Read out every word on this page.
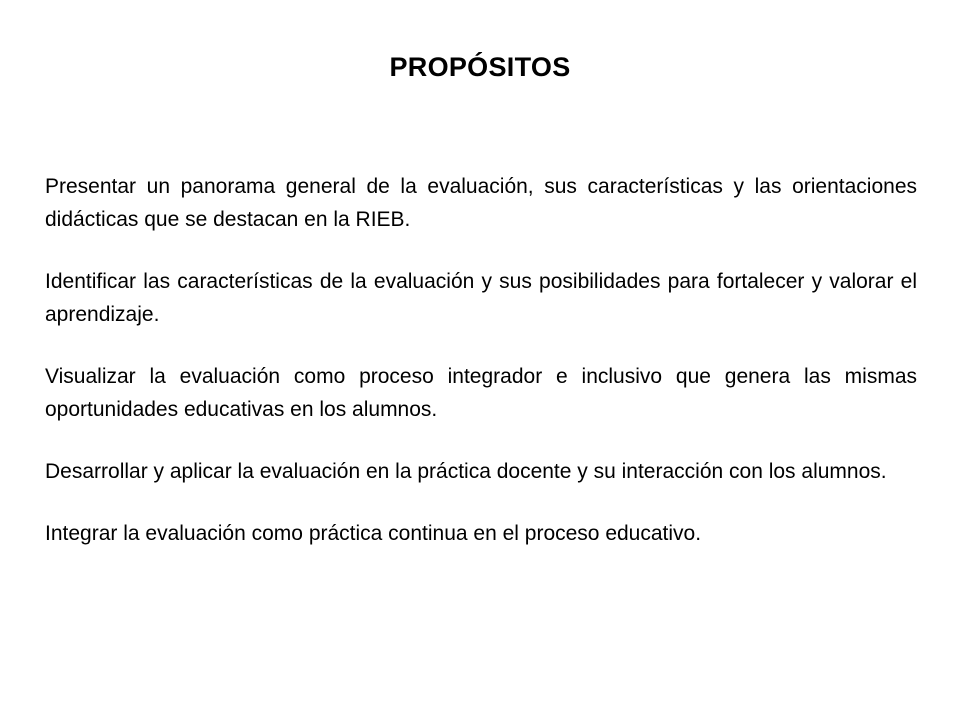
PROPÓSITOS

Presentar un panorama general de la evaluación, sus características y las orientaciones didácticas que se destacan en la RIEB.

Identificar las características de la evaluación y sus posibilidades para fortalecer y valorar el aprendizaje.

Visualizar la evaluación como proceso integrador e inclusivo que genera las mismas oportunidades educativas en los alumnos.

Desarrollar y aplicar la evaluación en la práctica docente y su interacción con los alumnos.

Integrar la evaluación como práctica continua en el proceso educativo.
